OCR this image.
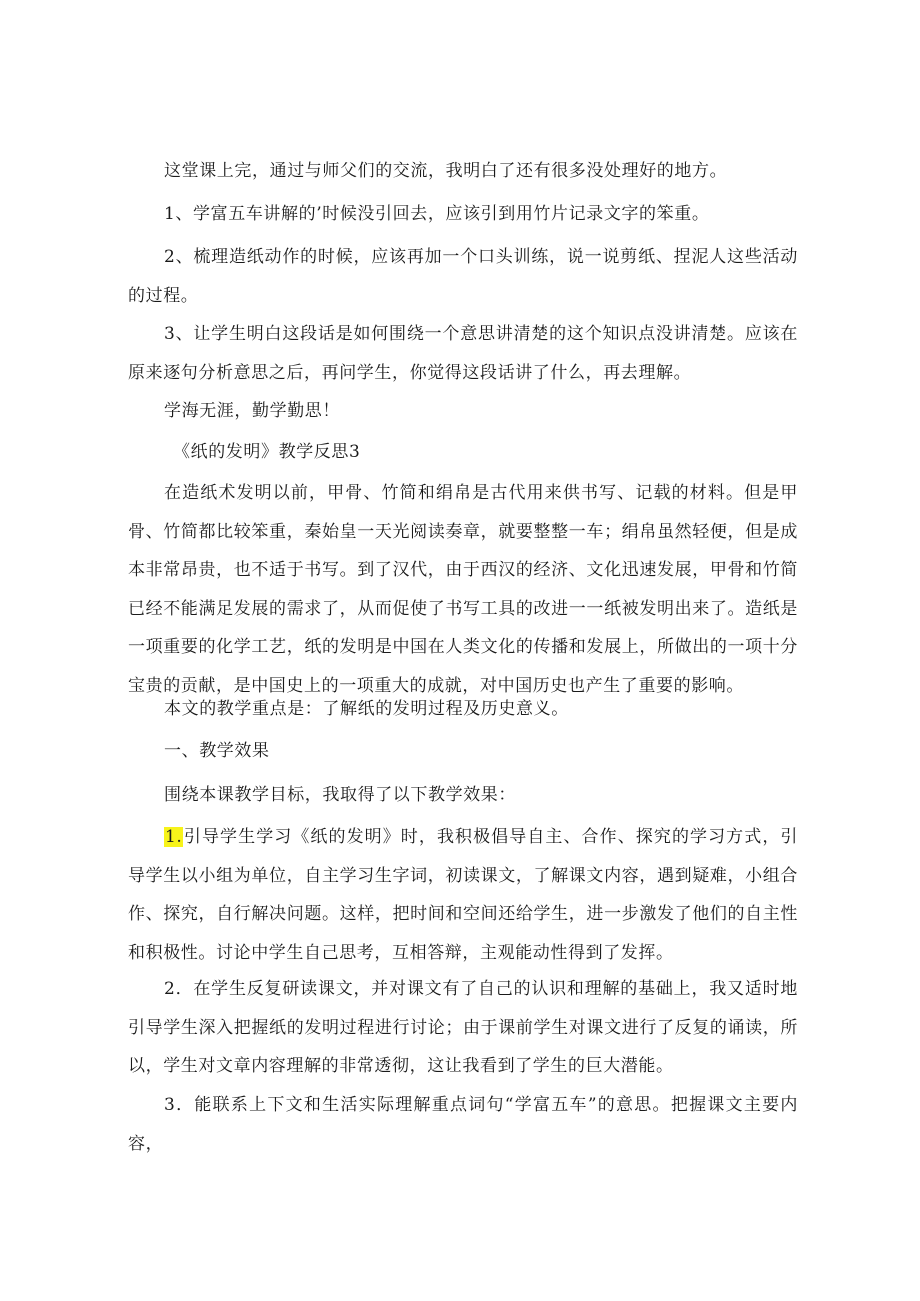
这堂课上完，通过与师父们的交流，我明白了还有很多没处理好的地方。

1、学富五车讲解的’时候没引回去，应该引到用竹片记录文字的笨重。

2、梳理造纸动作的时候，应该再加一个口头训练，说一说剪纸、捏泥人这些活动的过程。

3、让学生明白这段话是如何围绕一个意思讲清楚的这个知识点没讲清楚。应该在原来逐句分析意思之后，再问学生，你觉得这段话讲了什么，再去理解。

学海无涯，勤学勤思！

《纸的发明》教学反思3

在造纸术发明以前，甲骨、竹简和绢帛是古代用来供书写、记载的材料。但是甲骨、竹简都比较笨重，秦始皇一天光阅读奏章，就要整整一车；绢帛虽然轻便，但是成本非常昂贵，也不适于书写。到了汉代，由于西汉的经济、文化迅速发展，甲骨和竹简已经不能满足发展的需求了，从而促使了书写工具的改进一一纸被发明出来了。造纸是一项重要的化学工艺，纸的发明是中国在人类文化的传播和发展上，所做出的一项十分宝贵的贡献，是中国史上的一项重大的成就，对中国历史也产生了重要的影响。

本文的教学重点是：了解纸的发明过程及历史意义。

一、教学效果

围绕本课教学目标，我取得了以下教学效果：

1.引导学生学习《纸的发明》时，我积极倡导自主、合作、探究的学习方式，引导学生以小组为单位，自主学习生字词，初读课文，了解课文内容，遇到疑难，小组合作、探究，自行解决问题。这样，把时间和空间还给学生，进一步激发了他们的自主性和积极性。讨论中学生自己思考，互相答辩，主观能动性得到了发挥。

2．在学生反复研读课文，并对课文有了自己的认识和理解的基础上，我又适时地引导学生深入把握纸的发明过程进行讨论；由于课前学生对课文进行了反复的诵读，所以，学生对文章内容理解的非常透彻，这让我看到了学生的巨大潜能。

3．能联系上下文和生活实际理解重点词句“学富五车”的意思。把握课文主要内容，
